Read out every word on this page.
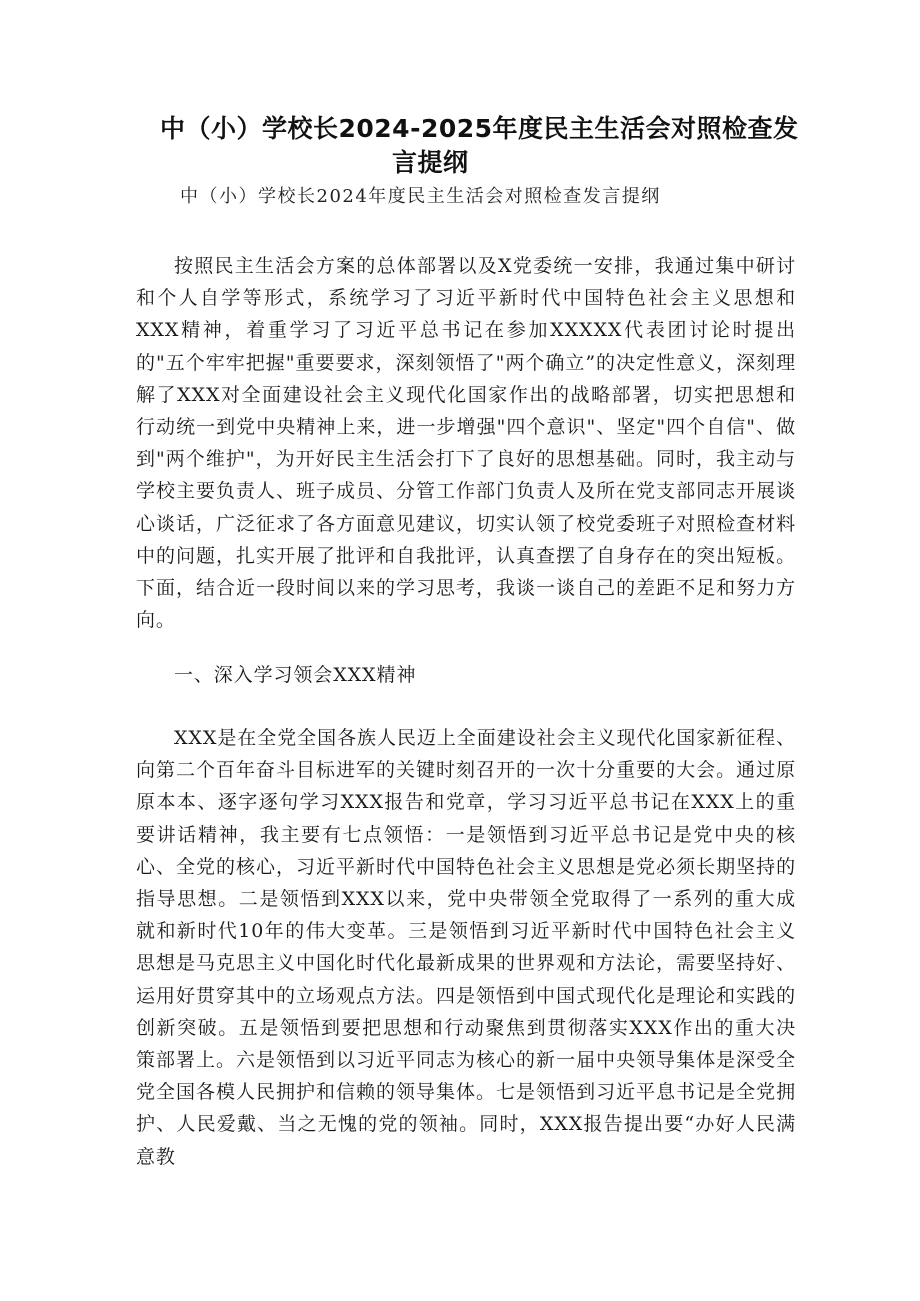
中（小）学校长2024-2025年度民主生活会对照检查发
言提纲

中（小）学校长2024年度民主生活会对照检查发言提纲

按照民主生活会方案的总体部署以及X党委统一安排，我通过集中研讨和个人自学等形式，系统学习了习近平新时代中国特色社会主义思想和XXX精神，着重学习了习近平总书记在参加XXXXX代表团讨论时提出的"五个牢牢把握"重要要求，深刻领悟了"两个确立”的决定性意义，深刻理解了XXX对全面建设社会主义现代化国家作出的战略部署，切实把思想和行动统一到党中央精神上来，进一步增强"四个意识"、坚定"四个自信"、做到"两个维护"，为开好民主生活会打下了良好的思想基础。同时，我主动与学校主要负责人、班子成员、分管工作部门负责人及所在党支部同志开展谈心谈话，广泛征求了各方面意见建议，切实认领了校党委班子对照检查材料中的问题，扎实开展了批评和自我批评，认真查摆了自身存在的突出短板。下面，结合近一段时间以来的学习思考，我谈一谈自己的差距不足和努力方向。

一、深入学习领会XXX精神

XXX是在全党全国各族人民迈上全面建设社会主义现代化国家新征程、向第二个百年奋斗目标进军的关键时刻召开的一次十分重要的大会。通过原原本本、逐字逐句学习XXX报告和党章，学习习近平总书记在XXX上的重要讲话精神，我主要有七点领悟：一是领悟到习近平总书记是党中央的核心、全党的核心，习近平新时代中国特色社会主义思想是党必须长期坚持的指导思想。二是领悟到XXX以来，党中央带领全党取得了一系列的重大成就和新时代10年的伟大变革。三是领悟到习近平新时代中国特色社会主义思想是马克思主义中国化时代化最新成果的世界观和方法论，需要坚持好、运用好贯穿其中的立场观点方法。四是领悟到中国式现代化是理论和实践的创新突破。五是领悟到要把思想和行动聚焦到贯彻落实XXX作出的重大决策部署上。六是领悟到以习近平同志为核心的新一届中央领导集体是深受全党全国各模人民拥护和信赖的领导集体。七是领悟到习近平息书记是全党拥护、人民爱戴、当之无愧的党的领袖。同时，XXX报告提出要“办好人民满意教
